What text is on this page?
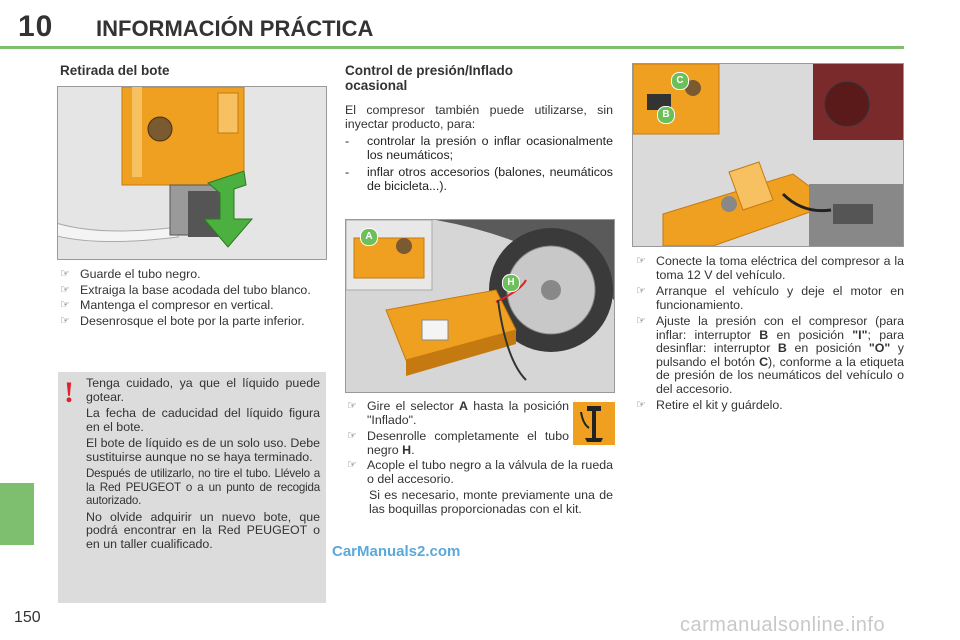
10 INFORMACIÓN PRÁCTICA
150
Retirada del bote
☞ Guarde el tubo negro.
☞ Extraiga la base acodada del tubo blanco.
☞ Mantenga el compresor en vertical.
☞ Desenrosque el bote por la parte inferior.
! Tenga cuidado, ya que el líquido puede gotear.
La fecha de caducidad del líquido figura en el bote.
El bote de líquido es de un solo uso. Debe sustituirse aunque no se haya terminado.
Después de utilizarlo, no tire el tubo. Llévelo a la Red PEUGEOT o a un punto de recogida autorizado.
No olvide adquirir un nuevo bote, que podrá encontrar en la Red PEUGEOT o en un taller cualificado.
Control de presión/Inflado
ocasional
El compresor también puede utilizarse, sin inyectar producto, para:
- controlar la presión o inflar ocasionalmente los neumáticos;
- inflar otros accesorios (balones, neumáticos de bicicleta...).
A
H
☞ Gire el selector A hasta la posición "Inflado".
☞ Desenrolle completamente el tubo negro H.
☞ Acople el tubo negro a la válvula de la rueda o del accesorio.
Si es necesario, monte previamente una de las boquillas proporcionadas con el kit.
C
B
☞ Conecte la toma eléctrica del compresor a la toma 12 V del vehículo.
☞ Arranque el vehículo y deje el motor en funcionamiento.
☞ Ajuste la presión con el compresor (para inflar: interruptor B en posición "I"; para desinflar: interruptor B en posición "O" y pulsando el botón C), conforme a la etiqueta de presión de los neumáticos del vehículo o del accesorio.
☞ Retire el kit y guárdelo.
CarManuals2.com
carmanualsonline.info
